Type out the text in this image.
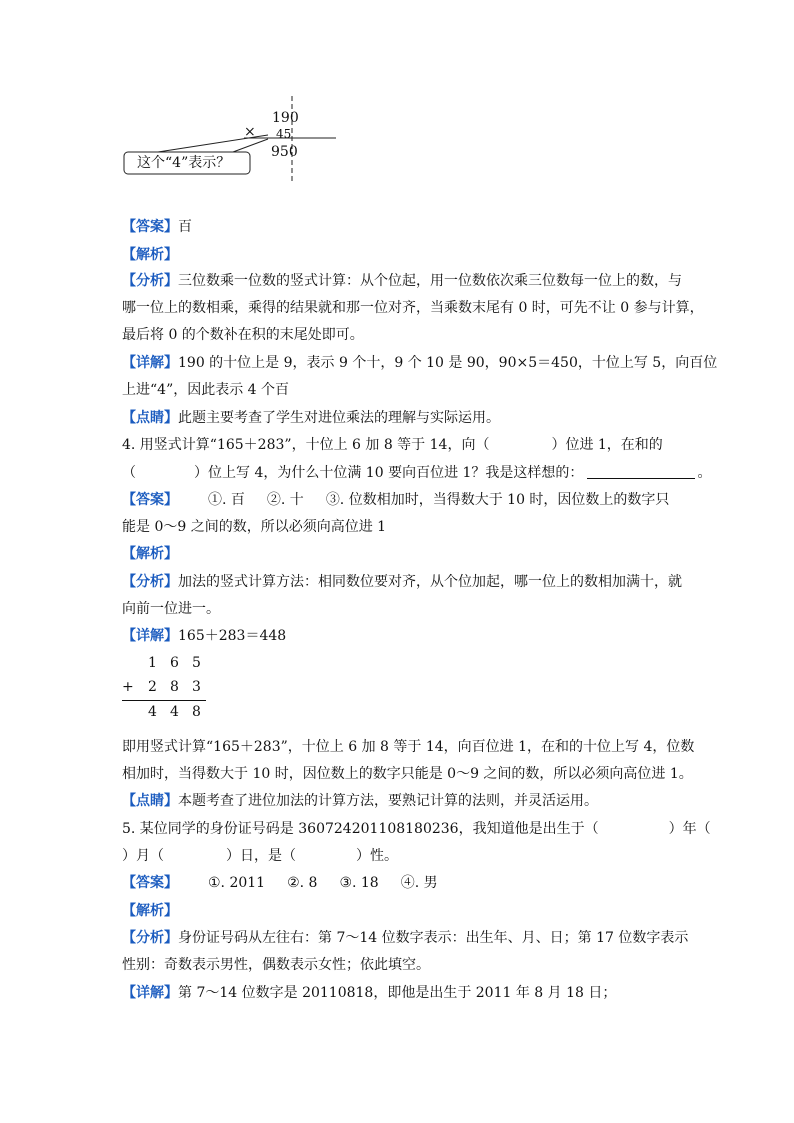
190
45
×
950
这个“4”表示？
【答案】百
【解析】
【分析】三位数乘一位数的竖式计算：从个位起，用一位数依次乘三位数每一位上的数，与
哪一位上的数相乘，乘得的结果就和那一位对齐，当乘数末尾有 0 时，可先不让 0 参与计算，
最后将 0 的个数补在积的末尾处即可。
【详解】190 的十位上是 9，表示 9 个十，9 个 10 是 90，90×5＝450，十位上写 5，向百位
上进“4”，因此表示 4 个百
【点睛】此题主要考查了学生对进位乘法的理解与实际运用。
4. 用竖式计算“165＋283”，十位上 6 加 8 等于 14，向（	）位进 1，在和的
（	）位上写 4，为什么十位满 10 要向百位进 1？我是这样想的：	。
【答案】 ①. 百 ②. 十 ③. 位数相加时，当得数大于 10 时，因位数上的数字只
能是 0～9 之间的数，所以必须向高位进 1
【解析】
【分析】加法的竖式计算方法：相同数位要对齐，从个位加起，哪一位上的数相加满十，就
向前一位进一。
【详解】165＋283＝448
1 6 5
+ 2 8 3
4 4 8
即用竖式计算“165＋283”，十位上 6 加 8 等于 14，向百位进 1，在和的十位上写 4，位数
相加时，当得数大于 10 时，因位数上的数字只能是 0～9 之间的数，所以必须向高位进 1。
【点睛】本题考查了进位加法的计算方法，要熟记计算的法则，并灵活运用。
5. 某位同学的身份证号码是 360724201108180236，我知道他是出生于（	）年（
）月（	）日，是（	）性。
【答案】 ①. 2011 ②. 8 ③. 18 ④. 男
【解析】
【分析】身份证号码从左往右：第 7～14 位数字表示：出生年、月、日；第 17 位数字表示
性别：奇数表示男性，偶数表示女性；依此填空。
【详解】第 7～14 位数字是 20110818，即他是出生于 2011 年 8 月 18 日；
